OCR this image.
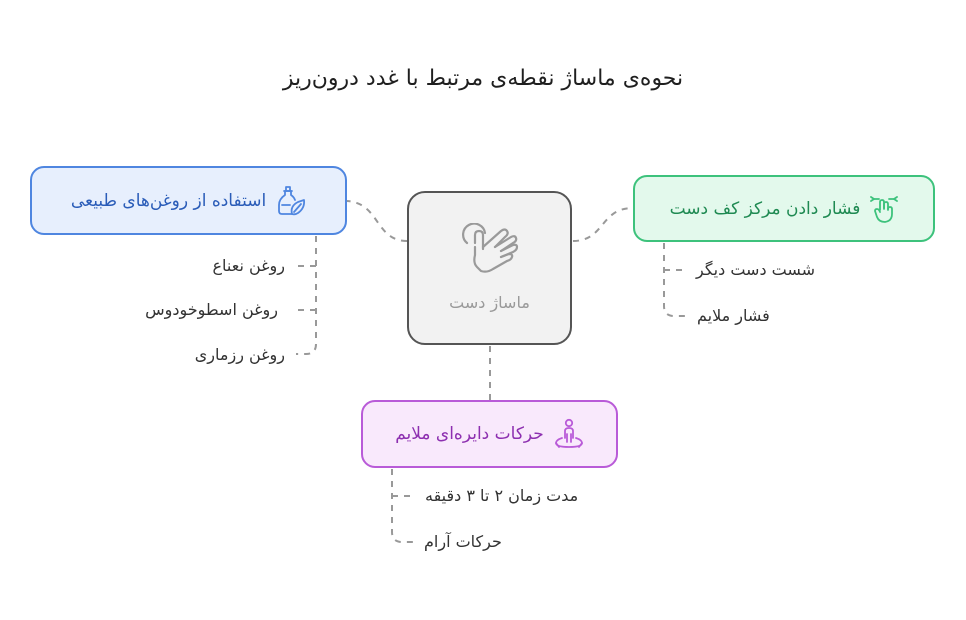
نحوه‌ی ماساژ نقطه‌ی مرتبط با غدد درون‌ریز
ماساژ دست
استفاده از روغن‌های طبیعی	فشار دادن مرکز کف دست
حرکات دایره‌ای ملایم
روغن نعناع
روغن اسطوخودوس
روغن رزماری
شست دست دیگر
فشار ملایم
مدت زمان ۲ تا ۳ دقیقه
حرکات آرام
